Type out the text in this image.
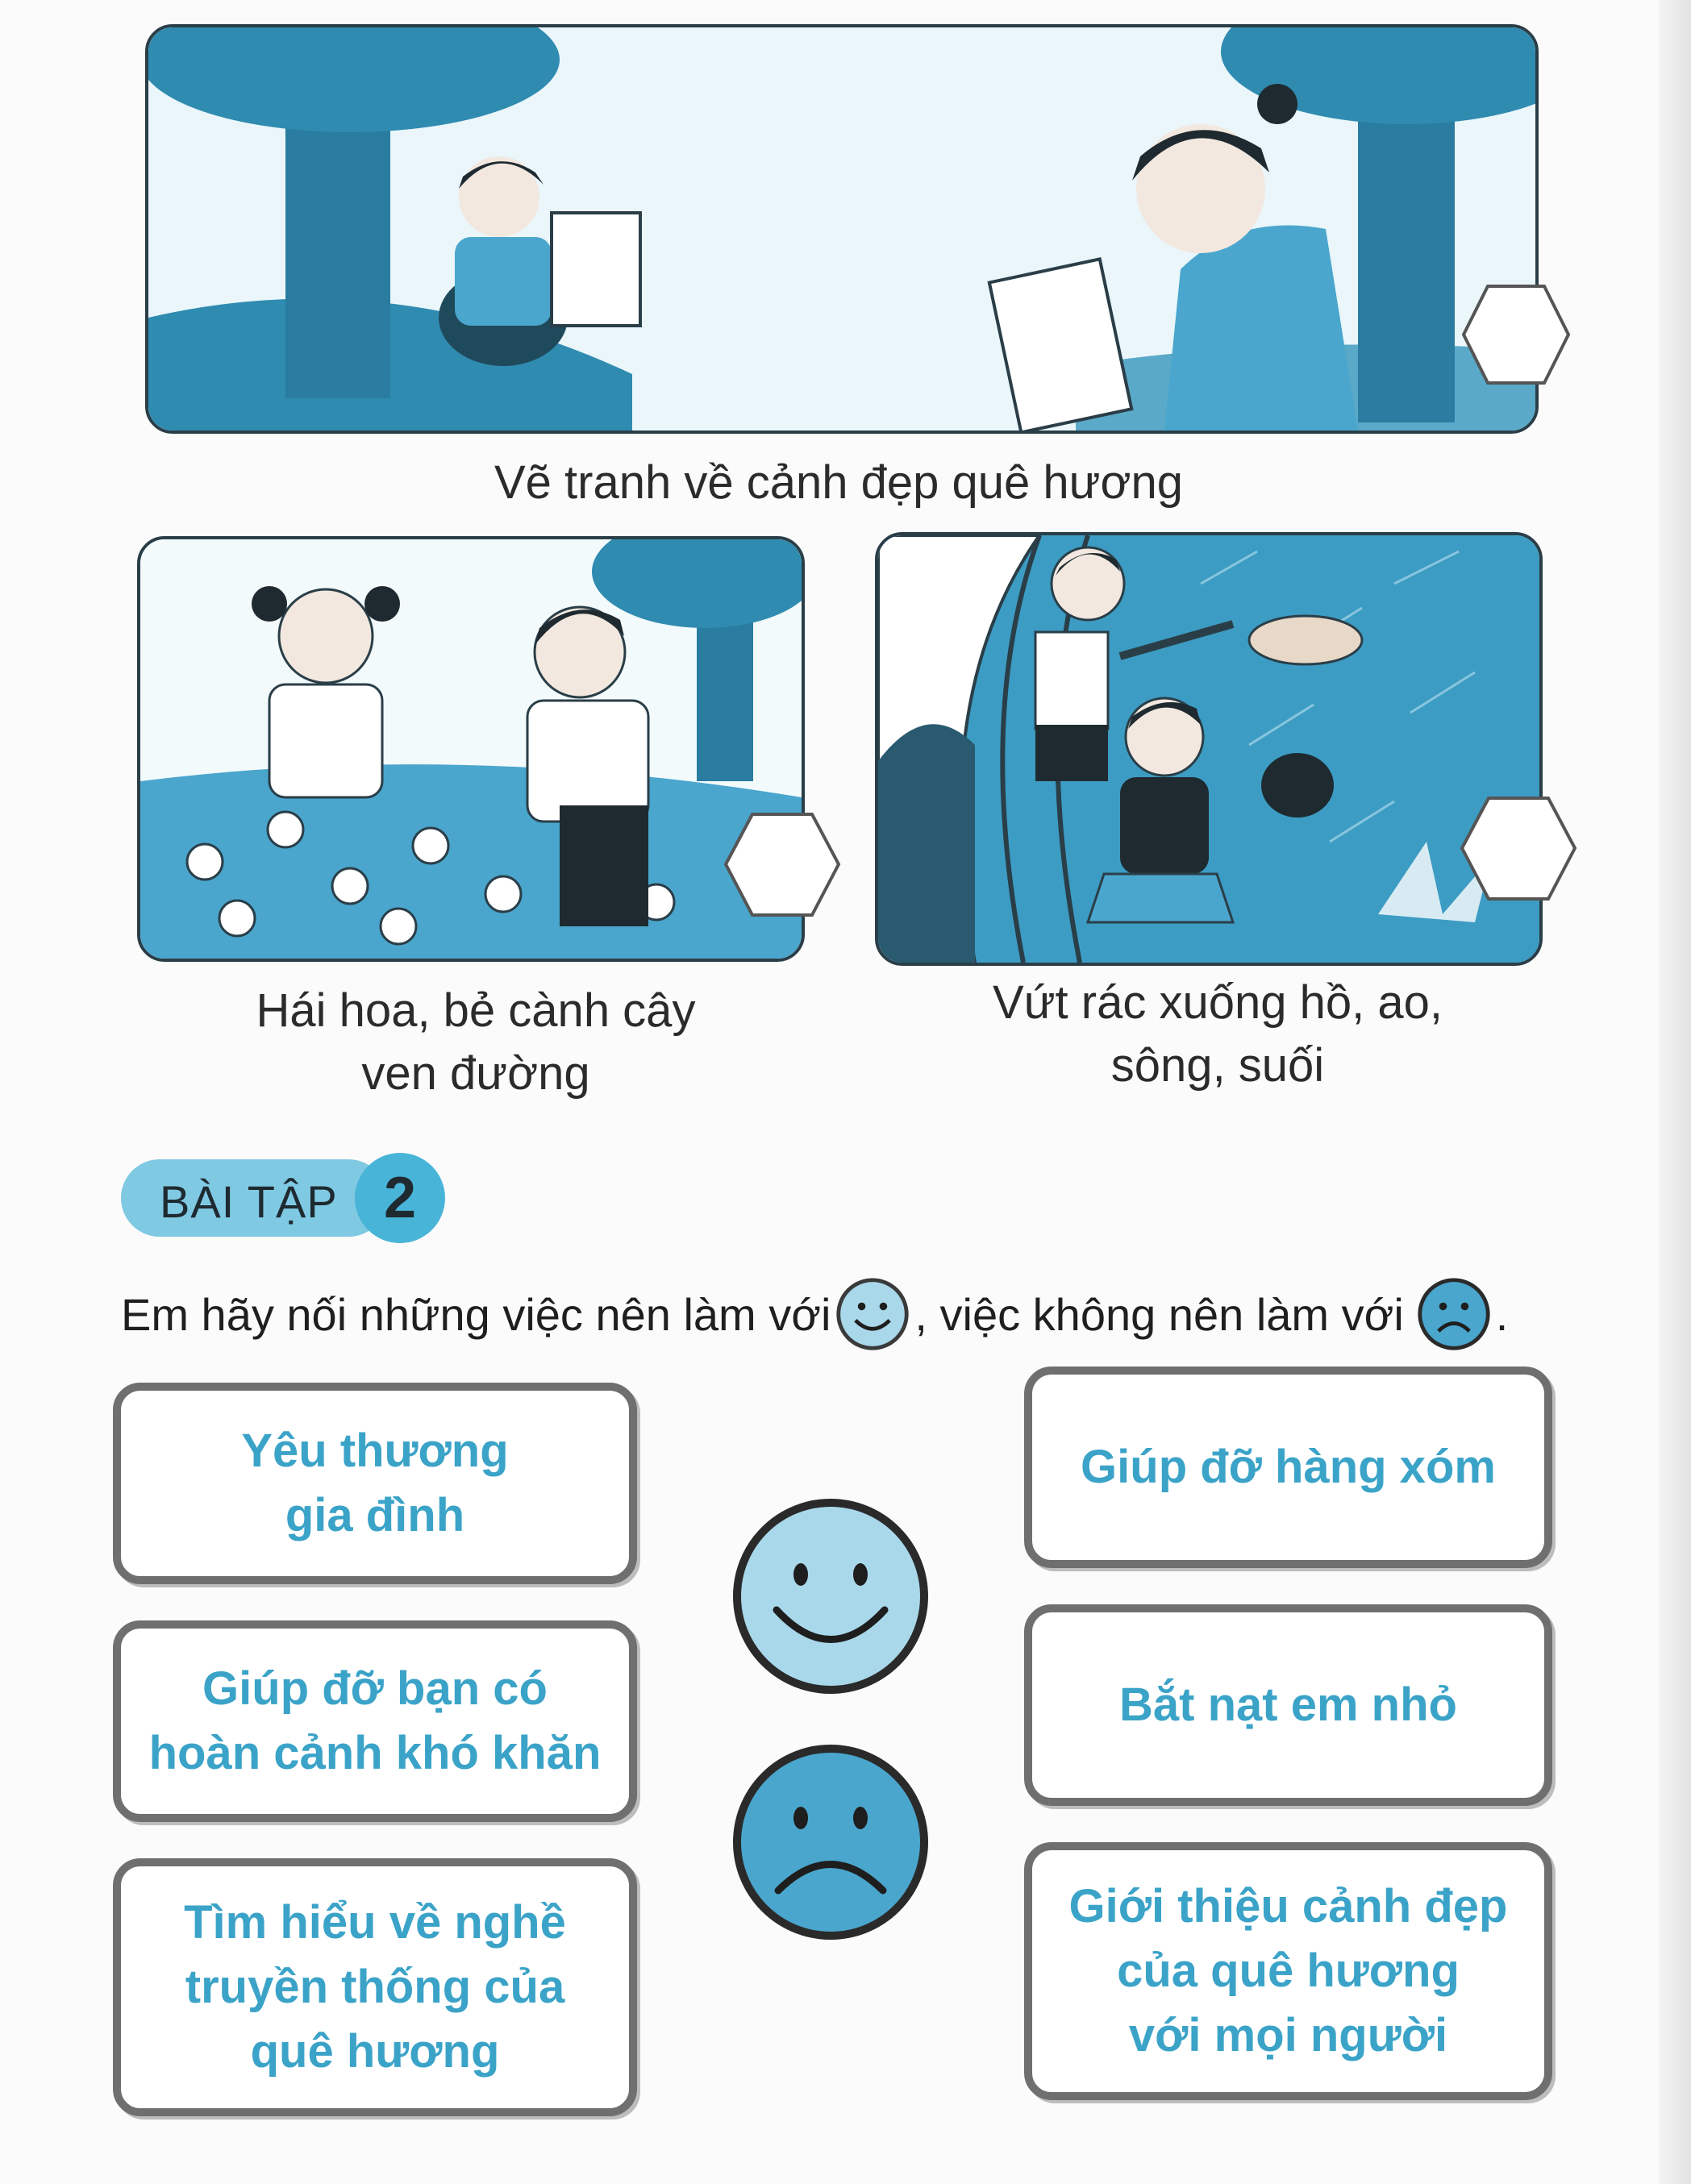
Vẽ tranh về cảnh đẹp quê hương
Hái hoa, bẻ cành cây
ven đường
Vứt rác xuống hồ, ao,
sông, suối
BÀI TẬP 2
Em hãy nối những việc nên làm với , việc không nên làm với .
Yêu thương
gia đình
Giúp đỡ bạn có
hoàn cảnh khó khăn
Tìm hiểu về nghề
truyền thống của
quê hương
Giúp đỡ hàng xóm
Bắt nạt em nhỏ
Giới thiệu cảnh đẹp
của quê hương
với mọi người
